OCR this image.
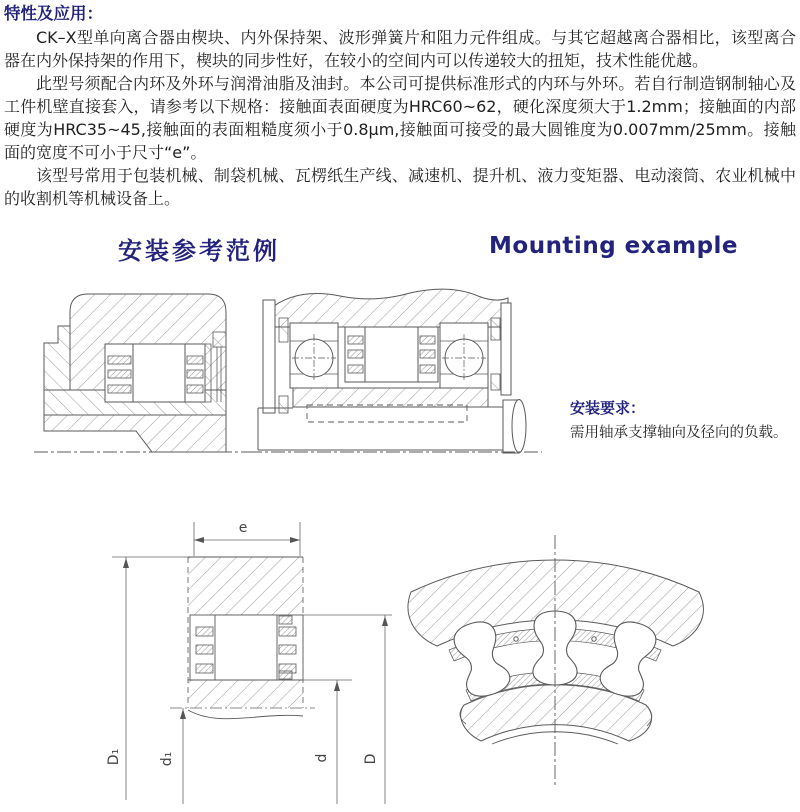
特性及应用：

CK–X型单向离合器由楔块、内外保持架、波形弹簧片和阻力元件组成。与其它超越离合器相比，该型离合器在内外保持架的作用下，楔块的同步性好，在较小的空间内可以传递较大的扭矩，技术性能优越。

此型号须配合内环及外环与润滑油脂及油封。本公司可提供标准形式的内环与外环。若自行制造钢制轴心及工件机壁直接套入，请参考以下规格：接触面表面硬度为HRC60~62，硬化深度须大于1.2mm；接触面的内部硬度为HRC35~45,接触面的表面粗糙度须小于0.8μm,接触面可接受的最大圆锥度为0.007mm/25mm。接触面的宽度不可小于尺寸“e”。

该型号常用于包装机械、制袋机械、瓦楞纸生产线、减速机、提升机、液力变矩器、电动滚筒、农业机械中的收割机等机械设备上。

安装参考范例	Mounting example
安装要求：
需用轴承支撑轴向及径向的负载。
e
D₁	d₁	d D
